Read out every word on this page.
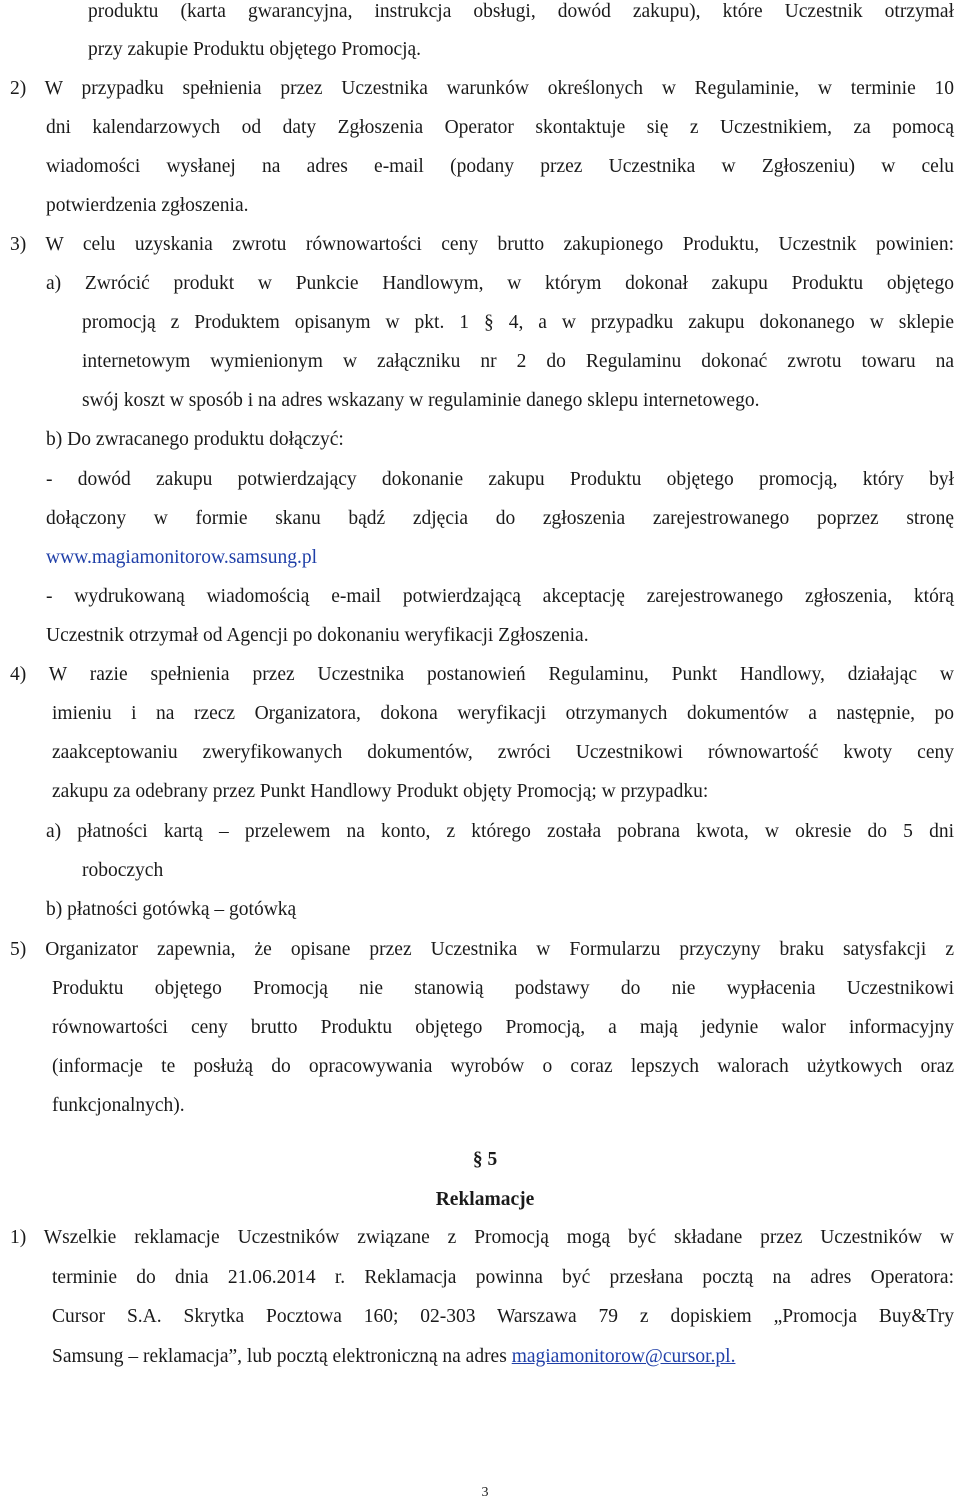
produktu (karta gwarancyjna, instrukcja obsługi, dowód zakupu), które Uczestnik otrzymał
przy zakupie Produktu objętego Promocją.
2) W przypadku spełnienia przez Uczestnika warunków określonych w Regulaminie, w terminie 10
dni kalendarzowych od daty Zgłoszenia Operator skontaktuje się z Uczestnikiem, za pomocą
wiadomości wysłanej na adres e-mail (podany przez Uczestnika w Zgłoszeniu) w celu
potwierdzenia zgłoszenia.
3) W celu uzyskania zwrotu równowartości ceny brutto zakupionego Produktu, Uczestnik powinien:
a) Zwrócić produkt w Punkcie Handlowym, w którym dokonał zakupu Produktu objętego
promocją z Produktem opisanym w pkt. 1 § 4, a w przypadku zakupu dokonanego w sklepie
internetowym wymienionym w załączniku nr 2 do Regulaminu dokonać zwrotu towaru na
swój koszt w sposób i na adres wskazany w regulaminie danego sklepu internetowego.
b) Do zwracanego produktu dołączyć:
- dowód zakupu potwierdzający dokonanie zakupu Produktu objętego promocją, który był
dołączony w formie skanu bądź zdjęcia do zgłoszenia zarejestrowanego poprzez stronę
www.magiamonitorow.samsung.pl
- wydrukowaną wiadomością e-mail potwierdzającą akceptację zarejestrowanego zgłoszenia, którą
Uczestnik otrzymał od Agencji po dokonaniu weryfikacji Zgłoszenia.
4) W razie spełnienia przez Uczestnika postanowień Regulaminu, Punkt Handlowy, działając w
imieniu i na rzecz Organizatora, dokona weryfikacji otrzymanych dokumentów a następnie, po
zaakceptowaniu zweryfikowanych dokumentów, zwróci Uczestnikowi równowartość kwoty ceny
zakupu za odebrany przez Punkt Handlowy Produkt objęty Promocją; w przypadku:
a) płatności kartą – przelewem na konto, z którego została pobrana kwota, w okresie do 5 dni
roboczych
b) płatności gotówką – gotówką
5) Organizator zapewnia, że opisane przez Uczestnika w Formularzu przyczyny braku satysfakcji z
Produktu objętego Promocją nie stanowią podstawy do nie wypłacenia Uczestnikowi
równowartości ceny brutto Produktu objętego Promocją, a mają jedynie walor informacyjny
(informacje te posłużą do opracowywania wyrobów o coraz lepszych walorach użytkowych oraz
funkcjonalnych).
§ 5
Reklamacje
1) Wszelkie reklamacje Uczestników związane z Promocją mogą być składane przez Uczestników w
terminie do dnia 21.06.2014 r. Reklamacja powinna być przesłana pocztą na adres Operatora:
Cursor S.A. Skrytka Pocztowa 160; 02-303 Warszawa 79 z dopiskiem „Promocja Buy&Try
Samsung – reklamacja”, lub pocztą elektroniczną na adres magiamonitorow@cursor.pl.
3
